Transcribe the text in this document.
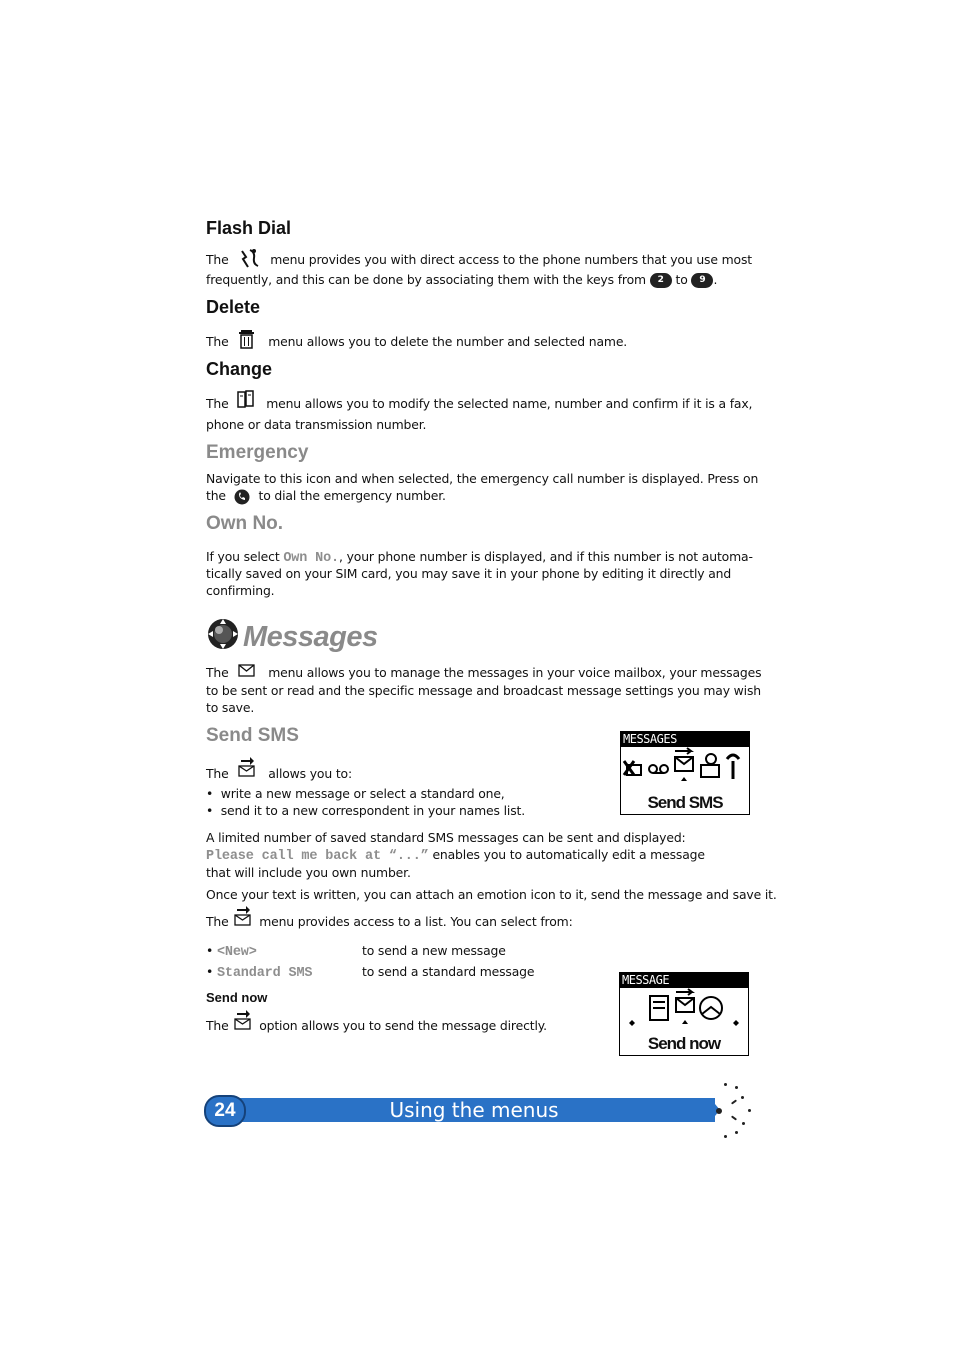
Flash Dial
The	menu provides you with direct access to the phone numbers that you use most
frequently, and this can be done by associating them with the keys from 2 to 9 .
Delete
The	menu allows you to delete the number and selected name.
Change
The	menu allows you to modify the selected name, number and confirm if it is a fax,
phone or data transmission number.
Emergency
Navigate to this icon and when selected, the emergency call number is displayed. Press on
the	to dial the emergency number.
Own No.
If you select Own No., your phone number is displayed, and if this number is not automa-
tically saved on your SIM card, you may save it in your phone by editing it directly and
confirming.
Messages
The	menu allows you to manage the messages in your voice mailbox, your messages
to be sent or read and the specific message and broadcast message settings you may wish
to save.
Send SMS
The	allows you to:
•  write a new message or select a standard one,
•  send it to a new correspondent in your names list.
MESSAGES
Send SMS
A limited number of saved standard SMS messages can be sent and displayed:
Please call me back at “...” enables you to automatically edit a message
that will include you own number.
Once your text is written, you can attach an emotion icon to it, send the message and save it.
The menu provides access to a list. You can select from:
• <New>	to send a new message
• Standard SMS	to send a standard message
Send now
The option allows you to send the message directly.
MESSAGE
Send now
Using the menus
24
